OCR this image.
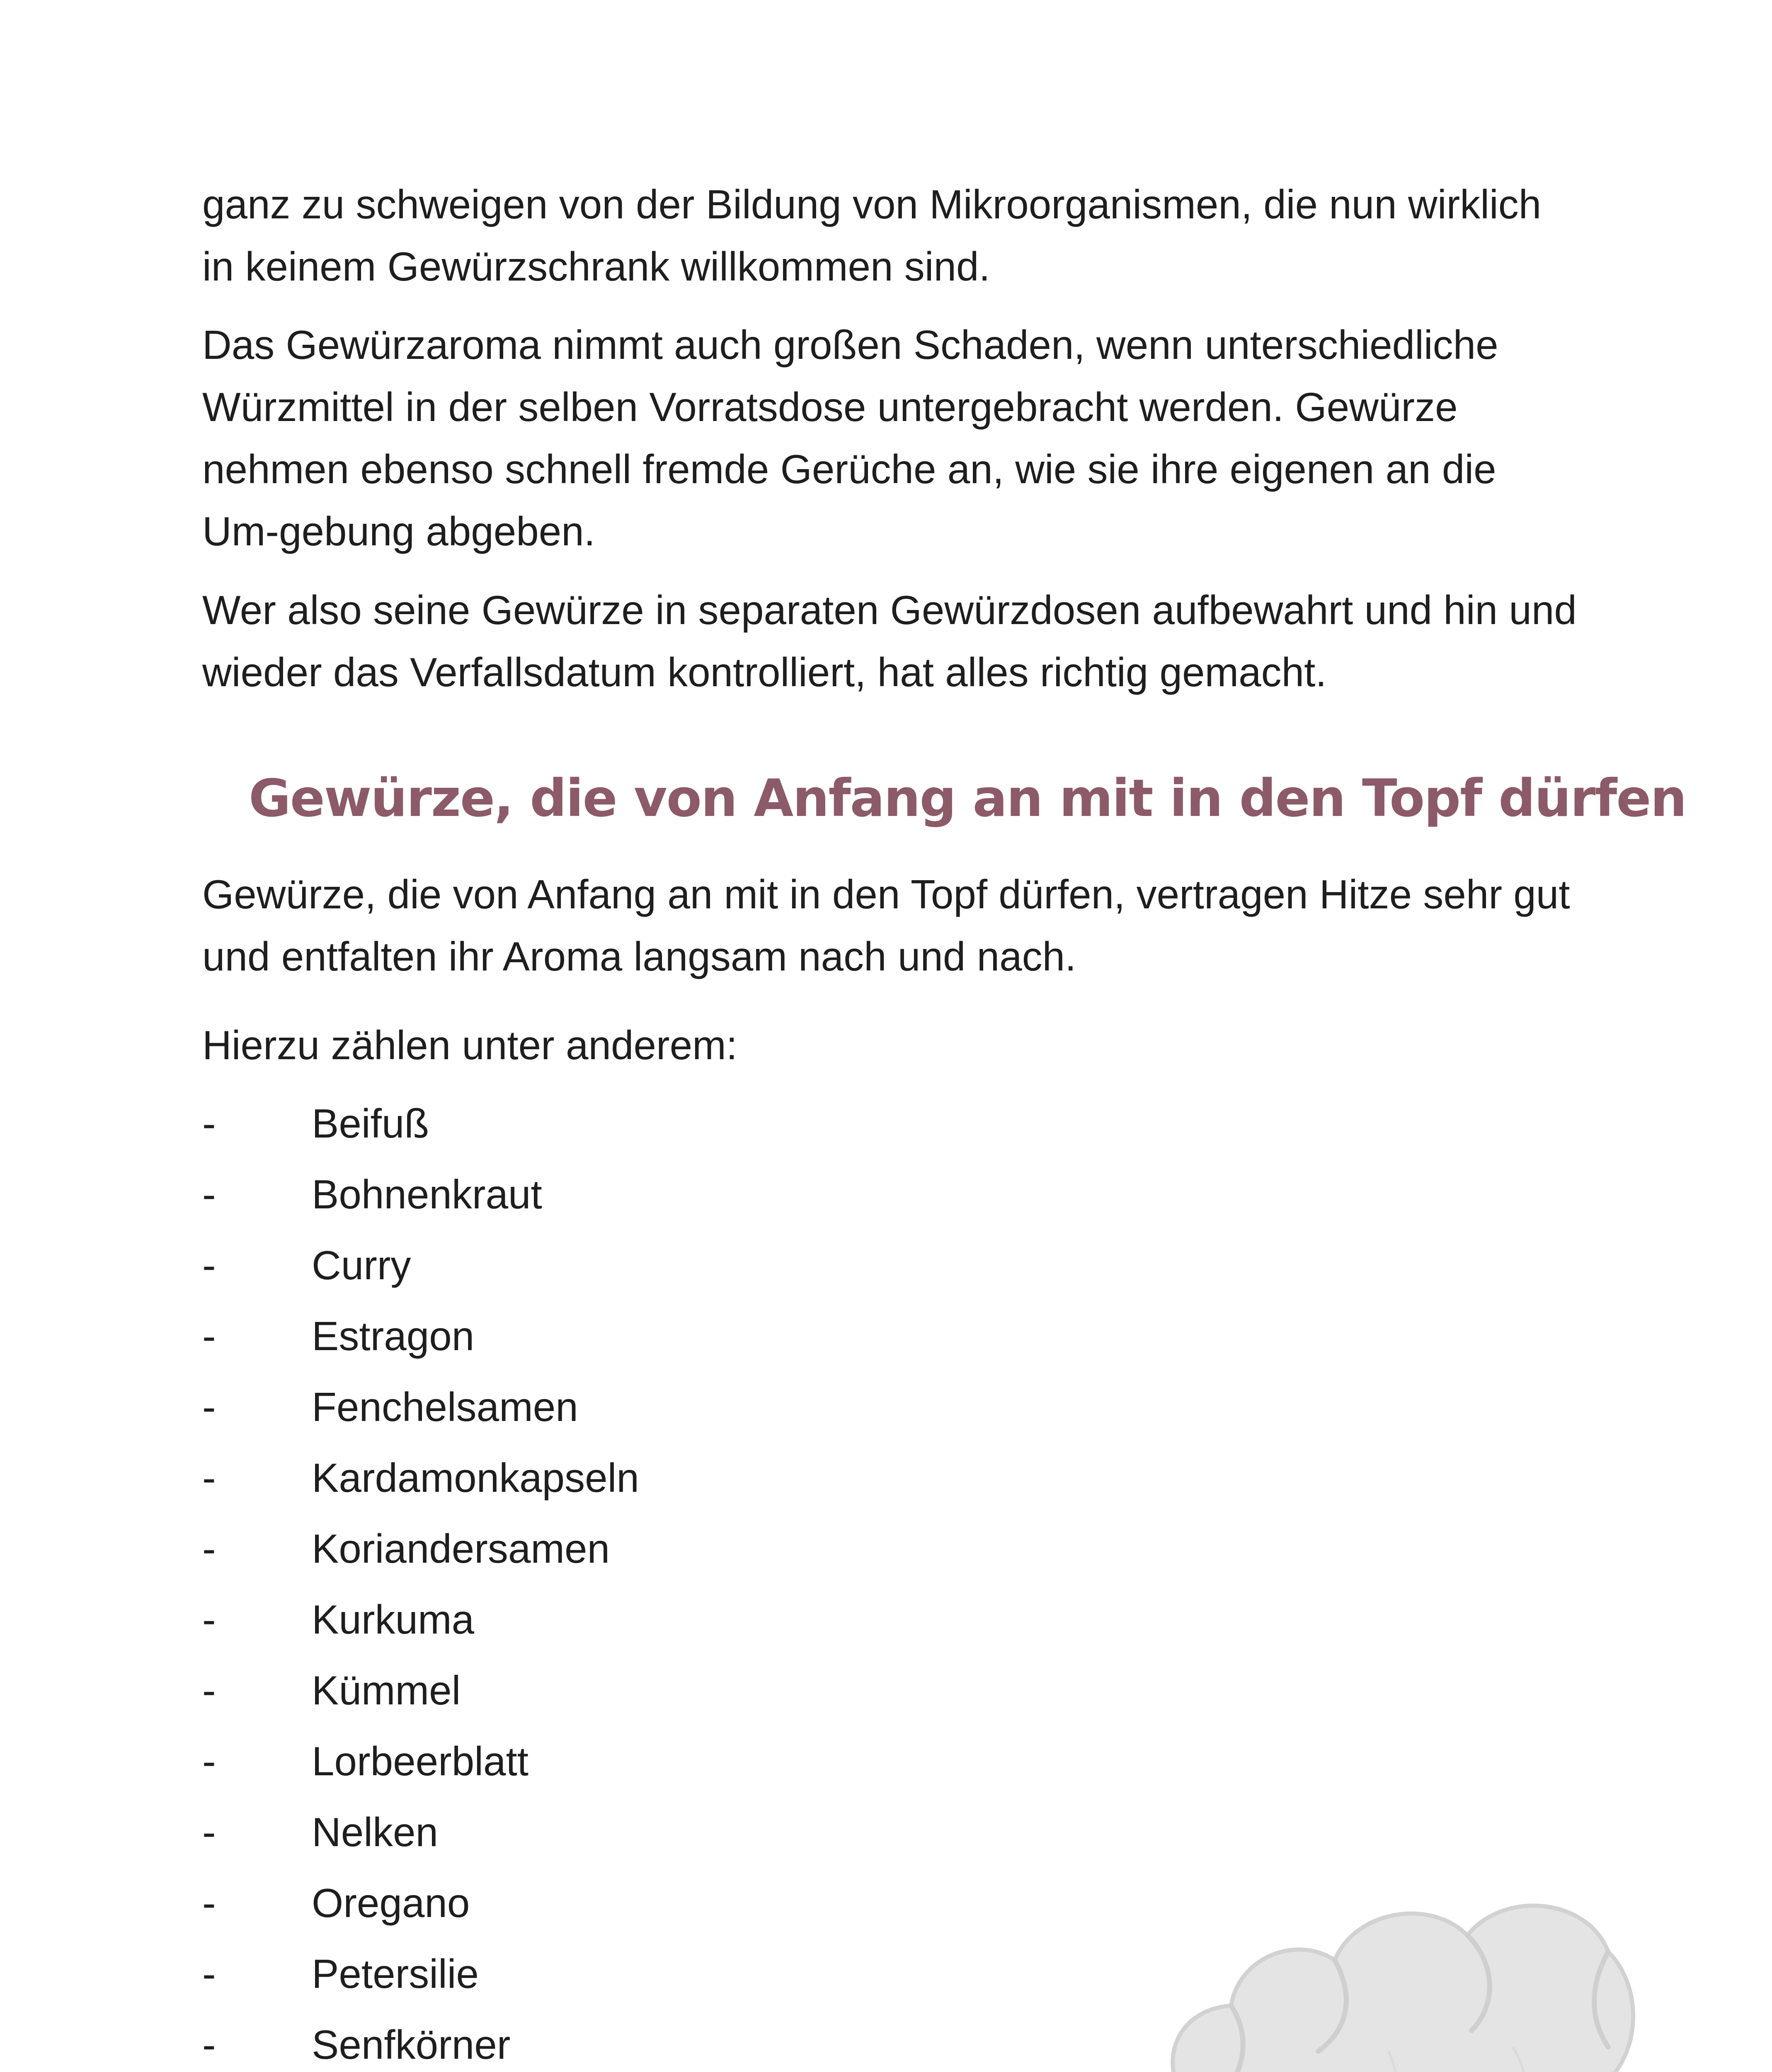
ganz zu schweigen von der Bildung von Mikroorganismen, die nun wirklich in keinem Gewürzschrank willkommen sind.

Das Gewürzaroma nimmt auch großen Schaden, wenn unterschiedliche Würzmittel in der selben Vorratsdose untergebracht werden. Gewürze nehmen ebenso schnell fremde Gerüche an, wie sie ihre eigenen an die Um-gebung abgeben.

Wer also seine Gewürze in separaten Gewürzdosen aufbewahrt und hin und wieder das Verfallsdatum kontrolliert, hat alles richtig gemacht.

Gewürze, die von Anfang an mit in den Topf dürfen

Gewürze, die von Anfang an mit in den Topf dürfen, vertragen Hitze sehr gut und entfalten ihr Aroma langsam nach und nach.

Hierzu zählen unter anderem:

- Beifuß
- Bohnenkraut
- Curry
- Estragon
- Fenchelsamen
- Kardamonkapseln
- Koriandersamen
- Kurkuma
- Kümmel
- Lorbeerblatt
- Nelken
- Oregano
- Petersilie
- Senfkörner
